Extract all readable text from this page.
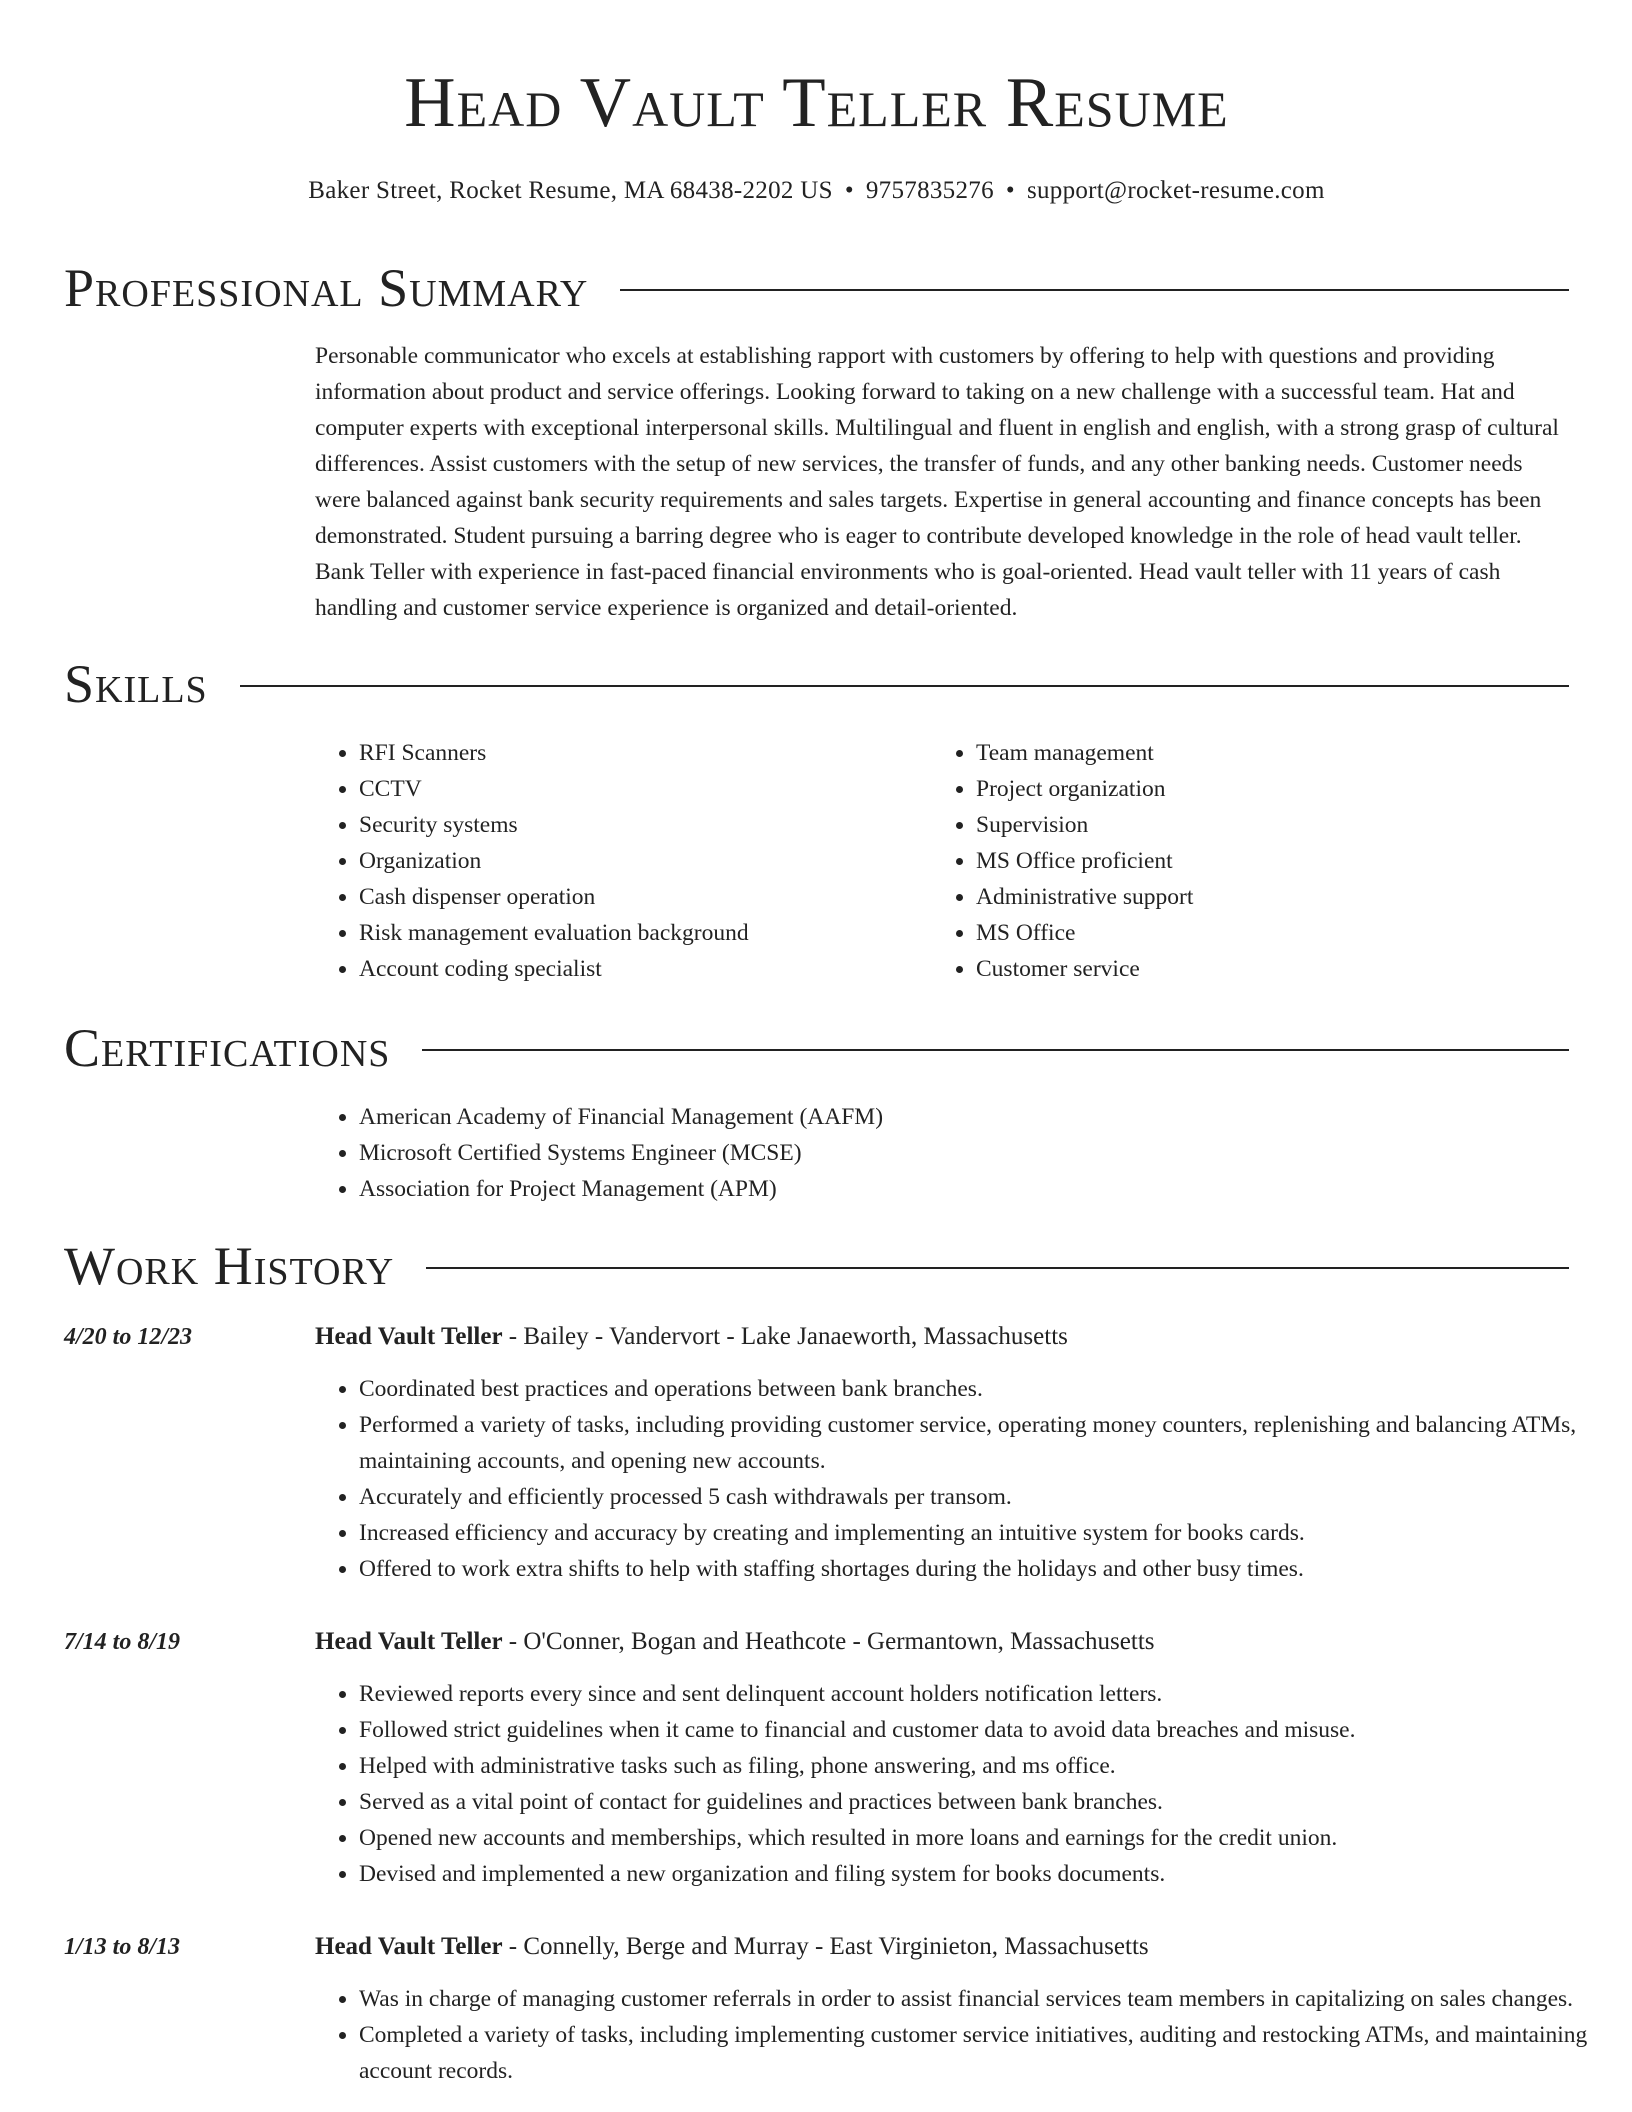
Head Vault Teller Resume
Baker Street, Rocket Resume, MA 68438-2202 US • 9757835276 • support@rocket-resume.com
Professional Summary

Personable communicator who excels at establishing rapport with customers by offering to help with questions and providing information about product and service offerings. Looking forward to taking on a new challenge with a successful team. Hat and computer experts with exceptional interpersonal skills. Multilingual and fluent in english and english, with a strong grasp of cultural differences. Assist customers with the setup of new services, the transfer of funds, and any other banking needs. Customer needs were balanced against bank security requirements and sales targets. Expertise in general accounting and finance concepts has been demonstrated. Student pursuing a barring degree who is eager to contribute developed knowledge in the role of head vault teller. Bank Teller with experience in fast-paced financial environments who is goal-oriented. Head vault teller with 11 years of cash handling and customer service experience is organized and detail-oriented.

Skills
• RFI Scanners
• CCTV
• Security systems
• Organization
• Cash dispenser operation
• Risk management evaluation background
• Account coding specialist
• Team management
• Project organization
• Supervision
• MS Office proficient
• Administrative support
• MS Office
• Customer service
Certifications
• American Academy of Financial Management (AAFM)
• Microsoft Certified Systems Engineer (MCSE)
• Association for Project Management (APM)
Work History
4/20 to 12/23	Head Vault Teller - Bailey - Vandervort - Lake Janaeworth, Massachusetts
• Coordinated best practices and operations between bank branches.
• Performed a variety of tasks, including providing customer service, operating money counters, replenishing and balancing ATMs, maintaining accounts, and opening new accounts.
• Accurately and efficiently processed 5 cash withdrawals per transom.
• Increased efficiency and accuracy by creating and implementing an intuitive system for books cards.
• Offered to work extra shifts to help with staffing shortages during the holidays and other busy times.
7/14 to 8/19	Head Vault Teller - O'Conner, Bogan and Heathcote - Germantown, Massachusetts
• Reviewed reports every since and sent delinquent account holders notification letters.
• Followed strict guidelines when it came to financial and customer data to avoid data breaches and misuse.
• Helped with administrative tasks such as filing, phone answering, and ms office.
• Served as a vital point of contact for guidelines and practices between bank branches.
• Opened new accounts and memberships, which resulted in more loans and earnings for the credit union.
• Devised and implemented a new organization and filing system for books documents.
1/13 to 8/13	Head Vault Teller - Connelly, Berge and Murray - East Virginieton, Massachusetts
• Was in charge of managing customer referrals in order to assist financial services team members in capitalizing on sales changes.
• Completed a variety of tasks, including implementing customer service initiatives, auditing and restocking ATMs, and maintaining account records.
